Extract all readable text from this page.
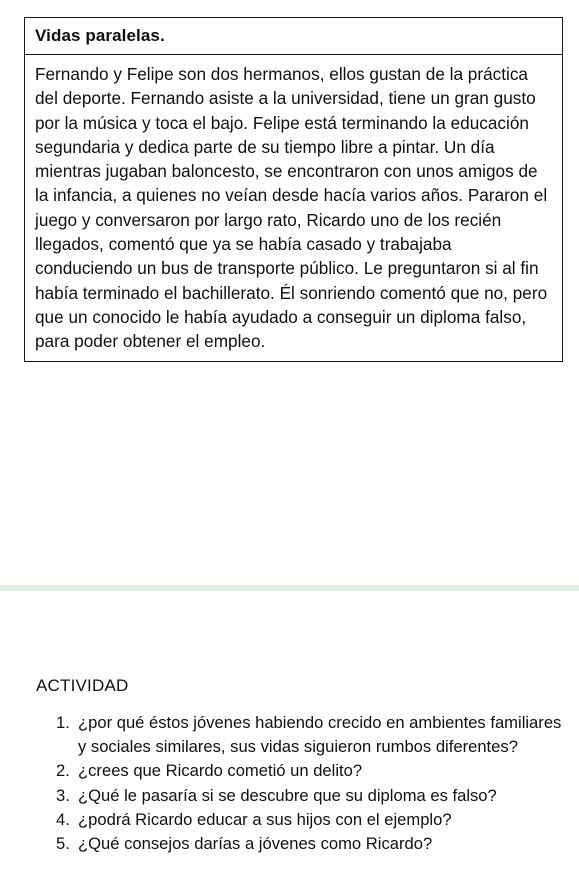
Vidas paralelas.

Fernando y Felipe son dos hermanos, ellos gustan de la práctica del deporte. Fernando asiste a la universidad, tiene un gran gusto por la música y toca el bajo. Felipe está terminando la educación segundaria y dedica parte de su tiempo libre a pintar. Un día mientras jugaban baloncesto, se encontraron con unos amigos de la infancia, a quienes no veían desde hacía varios años. Pararon el juego y conversaron por largo rato, Ricardo uno de los recién llegados, comentó que ya se había casado y trabajaba conduciendo un bus de transporte público. Le preguntaron si al fin había terminado el bachillerato. Él sonriendo comentó que no, pero que un conocido le había ayudado a conseguir un diploma falso, para poder obtener el empleo.

ACTIVIDAD
1. ¿por qué éstos jóvenes habiendo crecido en ambientes familiares y sociales similares, sus vidas siguieron rumbos diferentes?
2. ¿crees que Ricardo cometió un delito?
3. ¿Qué le pasaría si se descubre que su diploma es falso?
4. ¿podrá Ricardo educar a sus hijos con el ejemplo?
5. ¿Qué consejos darías a jóvenes como Ricardo?
